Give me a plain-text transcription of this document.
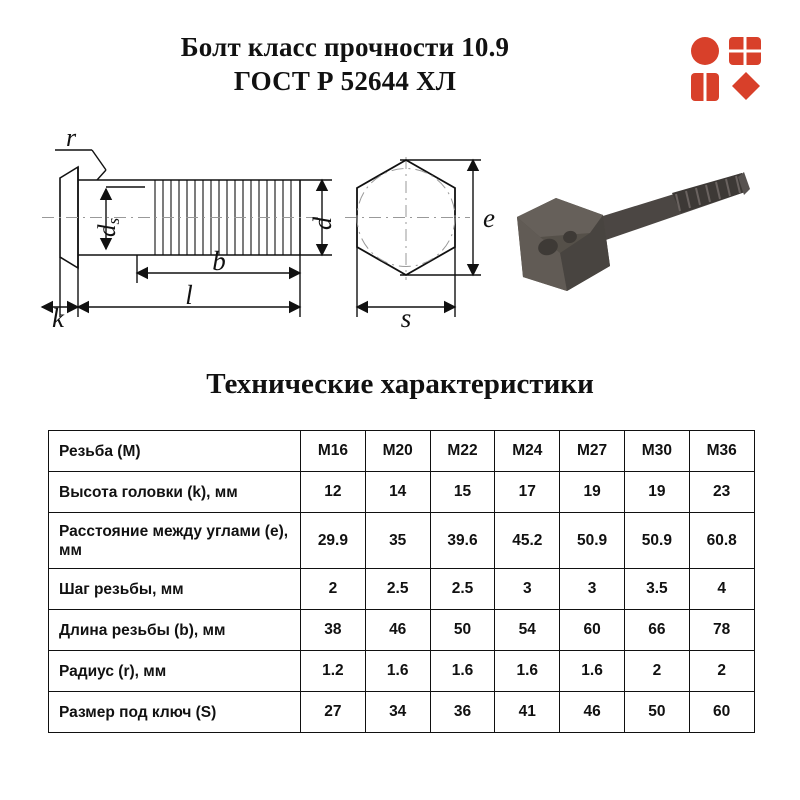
Болт класс прочности 10.9
ГОСТ Р 52644 ХЛ
r
ds	d
b
l
k
e
s
Технические характеристики
Резьба (M)	M16	M20	M22	M24	M27	M30	M36
Высота головки (k), мм	12	14	15	17	19	19	23
Расстояние между углами (e), мм	29.9	35	39.6	45.2	50.9	50.9	60.8
Шаг резьбы, мм	2	2.5	2.5	3	3	3.5	4
Длина резьбы (b), мм	38	46	50	54	60	66	78
Радиус (r), мм	1.2	1.6	1.6	1.6	1.6	2	2
Размер под ключ (S)	27	34	36	41	46	50	60
